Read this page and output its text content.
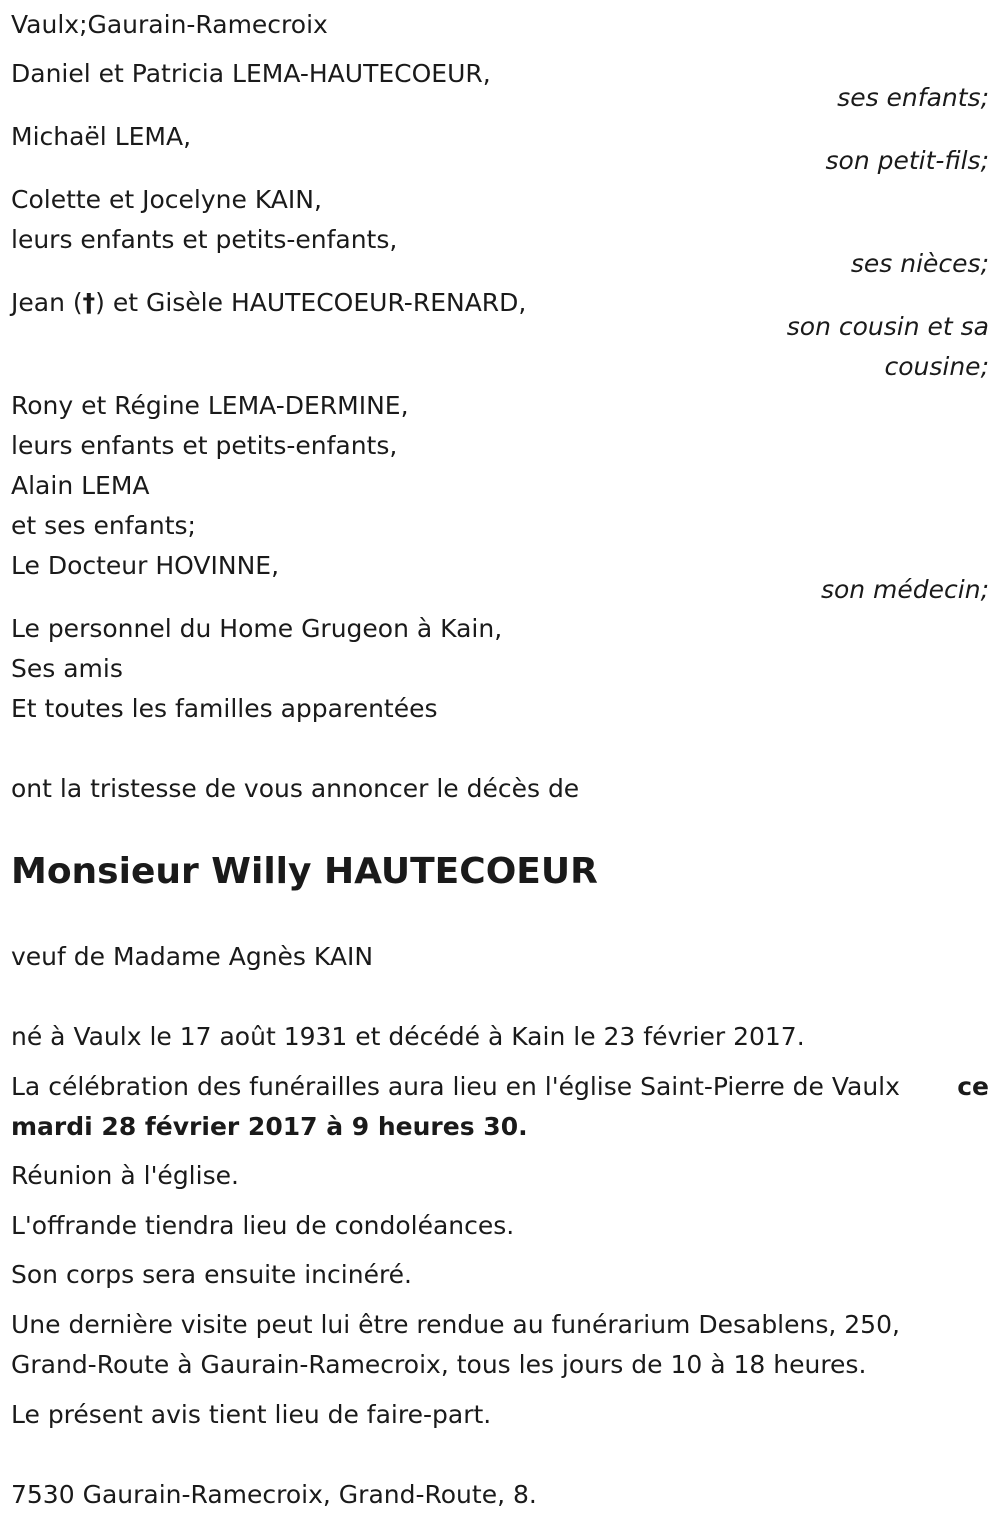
Vaulx;Gaurain-Ramecroix
Daniel et Patricia LEMA-HAUTECOEUR,
ses enfants;
Michaël LEMA,
son petit-fils;
Colette et Jocelyne KAIN,
leurs enfants et petits-enfants,
ses nièces;
Jean (†) et Gisèle HAUTECOEUR-RENARD,
son cousin et sa
cousine;
Rony et Régine LEMA-DERMINE,
leurs enfants et petits-enfants,
Alain LEMA
et ses enfants;
Le Docteur HOVINNE,
son médecin;
Le personnel du Home Grugeon à Kain,
Ses amis
Et toutes les familles apparentées
ont la tristesse de vous annoncer le décès de
Monsieur Willy HAUTECOEUR
veuf de Madame Agnès KAIN
né à Vaulx le 17 août 1931 et décédé à Kain le 23 février 2017.
La célébration des funérailles aura lieu en l'église Saint-Pierre de Vaulx ce
mardi 28 février 2017 à 9 heures 30.
Réunion à l'église.
L'offrande tiendra lieu de condoléances.
Son corps sera ensuite incinéré.
Une dernière visite peut lui être rendue au funérarium Desablens, 250,
Grand-Route à Gaurain-Ramecroix, tous les jours de 10 à 18 heures.
Le présent avis tient lieu de faire-part.
7530 Gaurain-Ramecroix, Grand-Route, 8.
